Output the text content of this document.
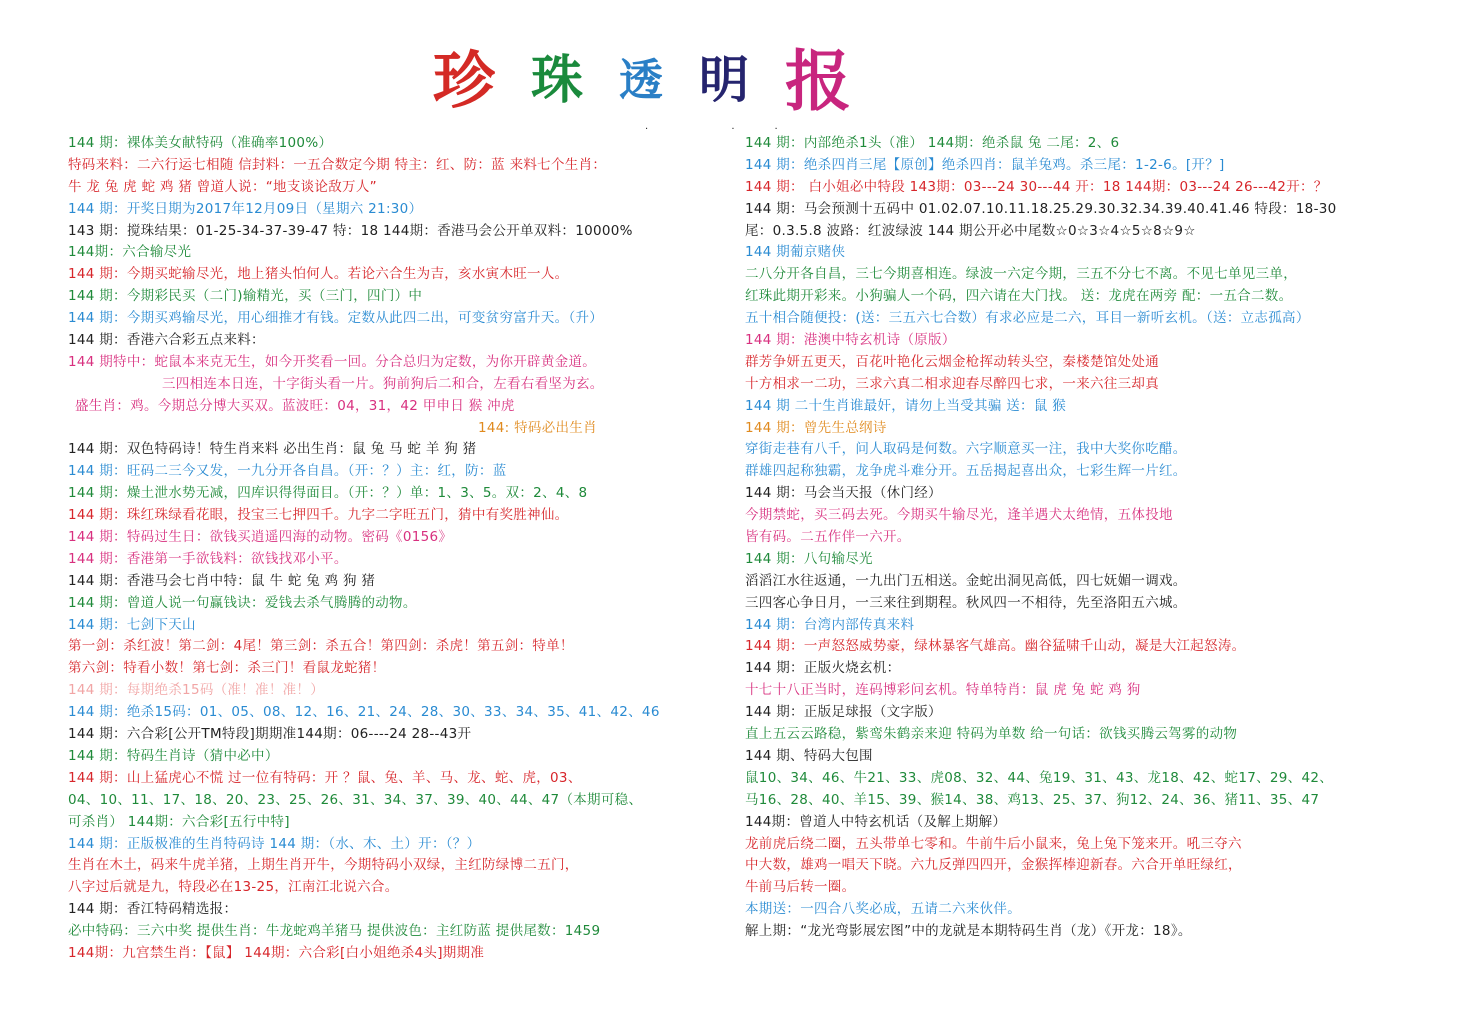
珍 珠 透 明 报
· ··
144 期：裸体美女献特码（准确率100%）
特码来料：二六行运七相随 信封料：一五合数定今期 特主：红、防：蓝 来料七个生肖：
牛 龙 兔 虎 蛇 鸡 猪 曾道人说：“地支谈论敌万人”
144 期：开奖日期为2017年12月09日（星期六 21:30）
143 期：搅珠结果：01-25-34-37-39-47 特：18 144期：香港马会公开单双料：10000%
144期：六合输尽光
144 期：今期买蛇输尽光，地上猪头怕何人。若论六合生为吉，亥水寅木旺一人。
144 期：今期彩民买（二门)输精光，买（三门，四门）中
144 期：今期买鸡输尽光，用心细推才有钱。定数从此四二出，可变贫穷富升天。（升）
144 期：香港六合彩五点来料：
144 期特中：蛇鼠本来克无生，如今开奖看一回。分合总归为定数，为你开辟黄金道。
三四相连本日连，十字街头看一片。狗前狗后二和合，左看右看坚为玄。
盛生肖：鸡。今期总分博大买双。蓝波旺：04，31，42 甲申日 猴 冲虎
144: 特码必出生肖
144 期：双色特码诗！特生肖来料 必出生肖：鼠 兔 马 蛇 羊 狗 猪
144 期：旺码二三今又发，一九分开各自昌。（开：？）主：红，防：蓝
144 期：燥土泄水势无减，四库识得得面目。（开：？）单：1、3、5。双：2、4、8
144 期：珠红珠绿看花眼，投宝三七押四千。九字二字旺五门，猜中有奖胜神仙。
144 期：特码过生日：欲钱买逍遥四海的动物。密码《0156》
144 期：香港第一手欲钱料：欲钱找邓小平。
144 期：香港马会七肖中特：鼠 牛 蛇 兔 鸡 狗 猪
144 期：曾道人说一句赢钱诀：爱钱去杀气腾腾的动物。
144 期：七剑下天山
第一剑：杀红波！第二剑：4尾！第三剑：杀五合！第四剑：杀虎！第五剑：特单！
第六剑：特看小数！第七剑：杀三门！看鼠龙蛇猪！
144 期：每期绝杀15码（准！准！准！）
144 期：绝杀15码：01、05、08、12、16、21、24、28、30、33、34、35、41、42、46
144 期：六合彩[公开TM特段]期期准144期：06----24 28--43开
144 期：特码生肖诗（猜中必中）
144 期：山上猛虎心不慌 过一位有特码：开 ？鼠、兔、羊、马、龙、蛇、虎，03、
04、10、11、17、18、20、23、25、26、31、34、37、39、40、44、47（本期可稳、
可杀肖） 144期：六合彩[五行中特]
144 期：正版极准的生肖特码诗 144 期：（水、木、土）开：（？）
生肖在木土，码来牛虎羊猪，上期生肖开牛，今期特码小双绿，主红防绿博二五门，
八字过后就是九，特段必在13-25，江南江北说六合。
144 期：香江特码精选报：
必中特码：三六中奖 提供生肖：牛龙蛇鸡羊猪马 提供波色：主红防蓝 提供尾数：1459
144期：九宫禁生肖：【鼠】 144期：六合彩[白小姐绝杀4头]期期准
144 期：内部绝杀1头（准） 144期：绝杀鼠 兔 二尾：2、6
144 期：绝杀四肖三尾【原创】绝杀四肖：鼠羊兔鸡。杀三尾：1-2-6。[开？]
144 期： 白小姐必中特段 143期：03---24 30---44 开：18 144期：03---24 26---42开：？
144 期：马会预测十五码中 01.02.07.10.11.18.25.29.30.32.34.39.40.41.46 特段：18-30
尾：0.3.5.8 波路：红波绿波 144 期公开必中尾数☆0☆3☆4☆5☆8☆9☆
144 期葡京赌侠
二八分开各自昌，三七今期喜相连。绿波一六定今期，三五不分七不离。不见七单见三单，
红珠此期开彩来。小狗骗人一个码，四六请在大门找。 送：龙虎在两旁 配：一五合二数。
五十相合随便投：(送：三五六七合数）有求必应是二六，耳目一新听玄机。（送：立志孤高）
144 期：港澳中特玄机诗（原版）
群芳争妍五更天，百花叶艳化云烟金枪挥动转头空，秦楼楚馆处处通
十方相求一二功，三求六真二相求迎春尽醉四七求，一来六往三却真
144 期 二十生肖谁最奸，请勿上当受其骗 送：鼠 猴
144 期：曾先生总纲诗
穿街走巷有八千，问人取码是何数。六字顺意买一注，我中大奖你吃醋。
群雄四起称独霸，龙争虎斗难分开。五岳揭起喜出众，七彩生辉一片红。
144 期：马会当天报（休门经）
今期禁蛇，买三码去死。今期买牛输尽光，逢羊遇犬太绝情，五体投地
皆有码。二五作伴一六开。
144 期：八句输尽光
滔滔江水往返通，一九出门五相送。金蛇出洞见高低，四七妩媚一调戏。
三四客心争日月，一三来往到期程。秋风四一不相待，先至洛阳五六城。
144 期：台湾内部传真来料
144 期：一声怒怒威势豪，绿林暴客气雄高。幽谷猛啸千山动，凝是大江起怒涛。
144 期：正版火烧玄机：
十七十八正当时，连码博彩问玄机。特单特肖：鼠 虎 兔 蛇 鸡 狗
144 期：正版足球报（文字版）
直上五云云路稳，紫鸾朱鹤亲来迎 特码为单数 给一句话：欲钱买腾云驾雾的动物
144 期、特码大包围
鼠10、34、46、牛21、33、虎08、32、44、兔19、31、43、龙18、42、蛇17、29、42、
马16、28、40、羊15、39、猴14、38、鸡13、25、37、狗12、24、36、猪11、35、47
144期：曾道人中特玄机话（及解上期解）
龙前虎后绕二圈，五头带单七零和。牛前牛后小鼠来，兔上兔下笼来开。吼三夺六
中大数，雄鸡一唱天下晓。六九反弹四四开，金猴挥棒迎新春。六合开单旺绿红，
牛前马后转一圈。
本期送：一四合八奖必成，五请二六来伙伴。
解上期：“龙光弯影展宏图”中的龙就是本期特码生肖（龙）《开龙：18》。
